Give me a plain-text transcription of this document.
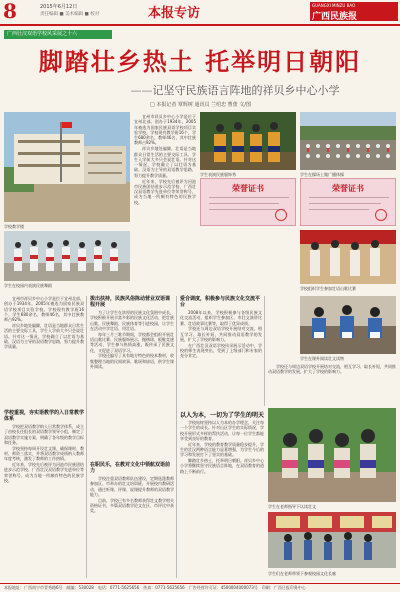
8	2015年6月12日
责任编辑 ■ 美术编辑 ■ 校对	本报专访
GUANGXI MINZU BAO
广西民族报
广西壮汉双语学校风采展之十六
脚踏壮乡热土 托举明日朝阳
——记坚守民族语言阵地的祥贝乡中心小学
□ 本报记者 覃辉树 通讯员 兰绍忠 曹蕾 文/图
学校教学楼
学生在校园内表演民族舞蹈
学生表演民族服饰秀	学生在操场上做广播体操
荣誉证书	荣誉证书
学校组织学生参加壮语山歌比赛
学生在课外阅读壮文读物
学生在老师指导下认读壮文
学生们在老师带领下参观校园文化长廊

宜州市祥贝乡中心小学是位于宜州北部、创办于1934年，2005年被选为国家民族双语学校项目实验学校。学校现有教学班16个，学生680余名，教师46名，其中壮族教师占92%。

祥贝乡地处偏僻，壮语是当地群众日常生活的主要交际工具，学生入学前大多只会说壮语。针对这一情况，学校确立了以壮语为基础、汉语为主导的双语教学思路，努力提升教学质量。

近年来，学校先后被评为河池市民族团结进步示范学校、广西壮汉双语教学先进单位等荣誉称号，成为当地一所颇有特色的民族学校。

宜州市祥贝乡中心小学是位于宜州北部、创办于1934年，2005年被选为国家民族双语学校项目实验学校。学校现有教学班16个，学生680余名，教师46名，其中壮族教师占92%。

祥贝乡地处偏僻，壮语是当地群众日常生活的主要交际工具，学生入学前大多只会说壮语。针对这一情况，学校确立了以壮语为基础、汉语为主导的双语教学思路，努力提升教学质量。

学校重视，夯实语教学的入日常教学体系

学校把双语教学纳入日常教学体系，成立了由校长任组长的双语教学领导小组，制定了双语教学实施方案，明确了各年级的教学目标和任务。

学校坚持每周开设壮文课，确保课时、教材、师资三落实，并将双语教学成绩纳入教师年度考核，激发了教师的工作热情。

近年来，学校先后被评为河池市民族团结进步示范学校、广西壮汉双语教学先进单位等荣誉称号，成为当地一所颇有特色的民族学校。

拨出扶持，民族风俗陈动营业双语课程开展

为了让学生在浓厚的民族文化氛围中成长，学校积极开展丰富多彩的民族文化活动，把壮族山歌、民族舞蹈、民族体育等引进校园，让学生在活动中学壮语、用壮语。

每年三月三歌节期间，学校都会组织开展壮语山歌比赛、民族服饰展示、抛绣球、板鞋竞速等活动，学生参与热情高涨，既传承了民族文化，又促进了双语学习。

学校还编写了具有地方特色的校本教材，收集整理当地的民间故事、歌谣和谚语，供学生课外阅读。

在职民乐，在教对文化中领航双语前力

学校注重双语教师队伍建设，定期选派教师参加区、市举办的壮文培训班，开展校内教研活动，通过听课、评课、说课提升教师的双语教学能力。

目前，学校已有多名教师获得壮文教学相关资格证书，多篇双语教学论文在区、市评比中获奖。

爱合调度，积极参与民族文化交流平台

2008年以来，学校积极参与各级民族文化交流活动，组织学生参加区、市壮文演讲比赛、壮语故事比赛等，取得了优异成绩。

学校还与周边双语学校开展结对交流，相互学习、取长补短，共同推动双语教学的发展，扩大了学校的影响力。

在广西壮汉双语学校风采展示活动中，学校的师生表现突出，受到了上级部门和专家的充分肯定。

以人为本，一切为了学生的明天

学校始终坚持以人为本的办学理念，关注每一个学生的成长。针对山区学生的实际情况，学校开展形式多样的帮扶活动，让每一位学生都能享受到良好的教育。

近年来，学校的教育教学质量稳步提升，学生的壮汉两种语言能力显著增强，为学生今后的学习和发展打下了坚实的基础。

脚踏壮乡热土，托举明日朝阳。祥贝乡中心小学将继续坚守民族语言阵地，在双语教育的道路上不断前行。

学校还与周边双语学校开展结对交流，相互学习、取长补短，共同推动双语教学的发展，扩大了学校的影响力。

本报地址：广西南宁市青秀路6号　邮编：530028　电话：0771-5625656　传真：0771-5625656　广告经营许可证：4500004000073号　印刷：广西日报印务中心
